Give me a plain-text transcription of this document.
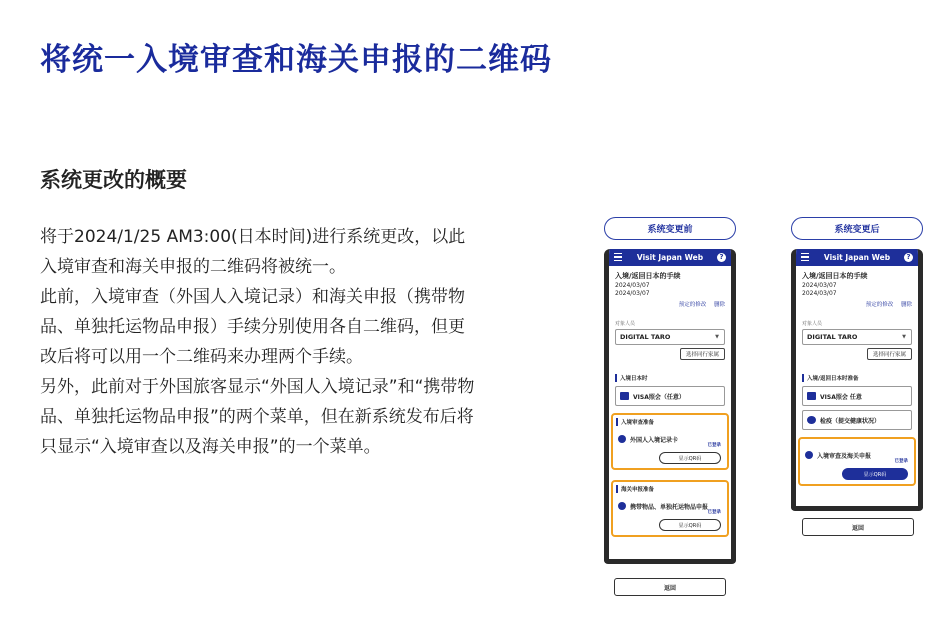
将统一入境审查和海关申报的二维码
系统更改的概要

将于2024/1/25 AM3:00(日本时间)进行系统更改，以此入境审查和海关申报的二维码将被统一。

此前，入境审查（外国人入境记录）和海关申报（携带物品、单独托运物品申报）手续分别使用各自二维码，但更改后将可以用一个二维码来办理两个手续。

另外，此前对于外国旅客显示“外国人入境记录”和“携带物品、单独托运物品申报”的两个菜单，但在新系统发布后将只显示“入境审查以及海关申报”的一个菜单。

系统变更前
Visit Japan Web	?
入境/返回日本的手续
2024/03/07
2024/03/07
预定的修改 删除
对象人员
DIGITAL TARO	▼
选择同行家属
入境日本时
VISA照会（任意）
入境审查准备
外国人入境记录卡
已登录
显示QR码
海关申报准备
携带物品、单独托运物品申报
已登录
显示QR码
返回
系统变更后
Visit Japan Web	?
入境/返回日本的手续
2024/03/07
2024/03/07
预定的修改 删除
对象人员
DIGITAL TARO	▼
选择同行家属
入境/返回日本时准备
VISA照会 任意
检疫（提交健康状况）
入境审查及海关申报
已登录
显示QR码
返回
